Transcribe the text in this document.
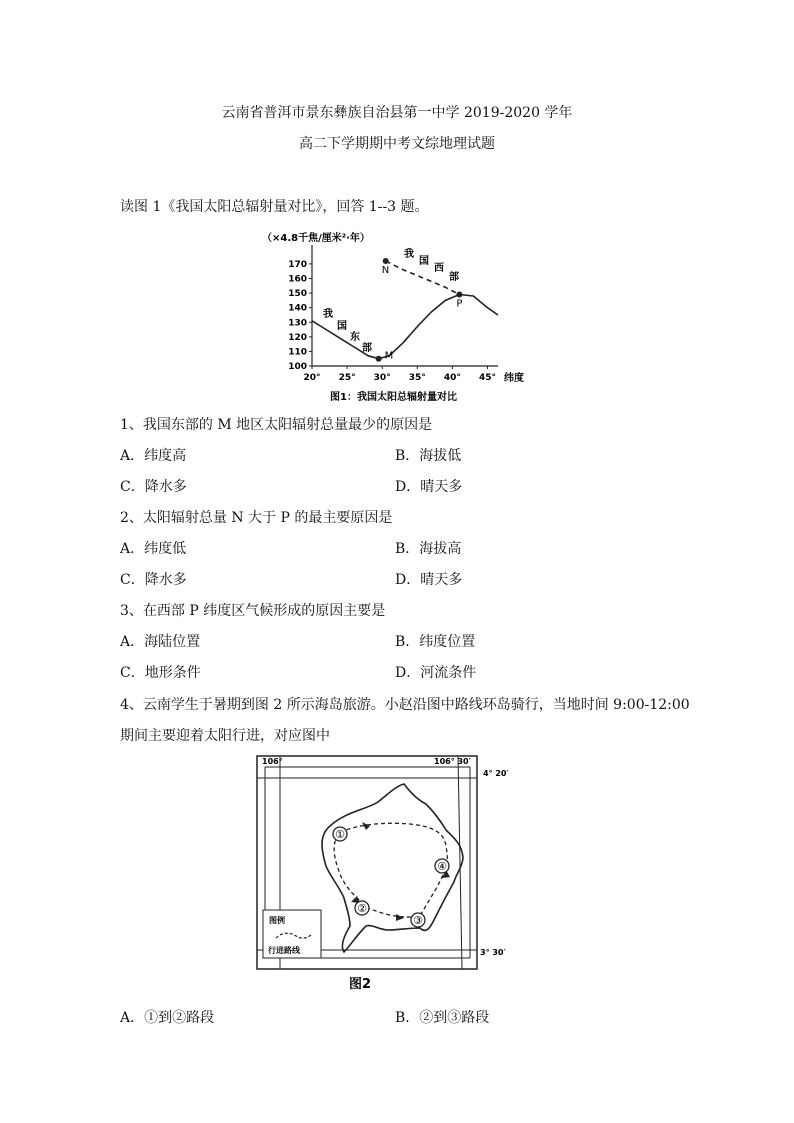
云南省普洱市景东彝族自治县第一中学 2019-2020 学年
高二下学期期中考文综地理试题
读图 1《我国太阳总辐射量对比》，回答 1--3 题。
（×4.8千焦/厘米²·年）
100
110
120
130
140
150
160
170
20° 25° 30° 35° 40° 45°
M
N
P
我
国
东
部
我
国
西
部
纬度
图1：我国太阳总辐射量对比
1、我国东部的 M 地区太阳辐射总量最少的原因是
A．纬度高	B．海拔低
C．降水多	D．晴天多
2、太阳辐射总量 N 大于 P 的最主要原因是
A．纬度低	B．海拔高
C．降水多	D．晴天多
3、在西部 P 纬度区气候形成的原因主要是
A．海陆位置	B．纬度位置
C．地形条件	D．河流条件
4、云南学生于暑期到图 2 所示海岛旅游。小赵沿图中路线环岛骑行，当地时间 9:00-12:00
期间主要迎着太阳行进，对应图中
106°	106° 30′
4° 20′
3° 30′
①
②
③
④
图例
行进路线
图2
A．①到②路段	B．②到③路段
